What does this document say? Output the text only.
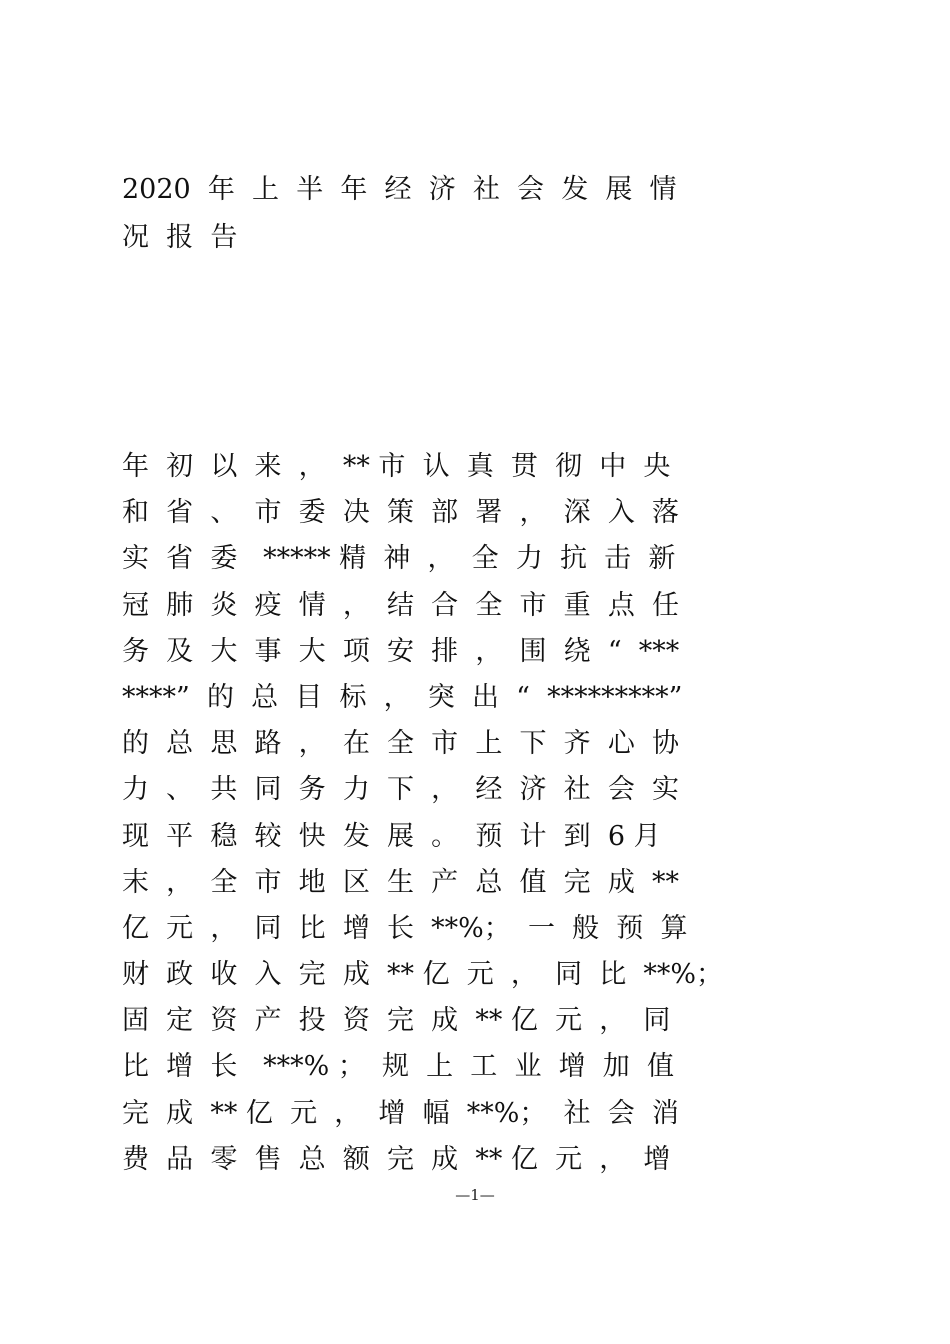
2020  年  上  半  年  经  济  社  会  发  展  情
况  报  告
年  初  以  来  ，  ** 市  认  真  贯  彻  中  央
和  省  、  市  委  决  策  部  署  ，  深  入  落
实  省  委   ***** 精  神  ，  全  力  抗  击  新
冠  肺  炎  疫  情  ，  结  合  全  市  重  点  任
务  及  大  事  大  项  安  排  ，  围  绕  “  ***
****”  的  总  目  标  ，  突  出  “  *********”
的  总  思  路  ，  在  全  市  上  下  齐  心  协
力  、  共  同  务  力  下  ，  经  济  社  会  实
现  平  稳  较  快  发  展  。  预  计  到  6 月
末  ，  全  市  地  区  生  产  总  值  完  成  **
亿  元  ，  同  比  增  长  **%；  一  般  预  算
财  政  收  入  完  成  ** 亿  元  ，  同  比  **%；
固  定  资  产  投  资  完  成  ** 亿  元  ，  同
比  增  长   ***% ；  规  上  工  业  增  加  值
完  成  ** 亿  元  ，  增  幅  **%；  社  会  消
费  品  零  售  总  额  完  成  ** 亿  元  ，  增
—1—
